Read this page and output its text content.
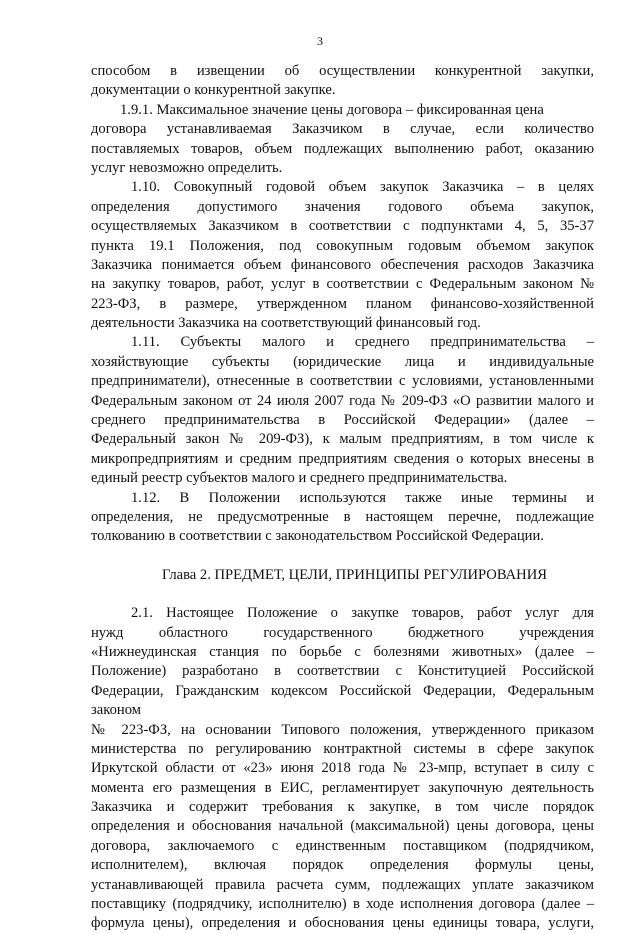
3
способом в извещении об осуществлении конкурентной закупки,
документации о конкурентной закупке.
1.9.1. Максимальное значение цены договора – фиксированная цена
договора устанавливаемая Заказчиком в случае, если количество
поставляемых товаров, объем подлежащих выполнению работ, оказанию
услуг невозможно определить.
1.10. Совокупный годовой объем закупок Заказчика – в целях
определения допустимого значения годового объема закупок,
осуществляемых Заказчиком в соответствии с подпунктами 4, 5, 35-37
пункта 19.1 Положения, под совокупным годовым объемом закупок
Заказчика понимается объем финансового обеспечения расходов Заказчика
на закупку товаров, работ, услуг в соответствии с Федеральным законом №
223-ФЗ, в размере, утвержденном планом финансово-хозяйственной
деятельности Заказчика на соответствующий финансовый год.
1.11. Субъекты малого и среднего предпринимательства –
хозяйствующие субъекты (юридические лица и индивидуальные
предприниматели), отнесенные в соответствии с условиями, установленными
Федеральным законом от 24 июля 2007 года № 209-ФЗ «О развитии малого и
среднего предпринимательства в Российской Федерации» (далее –
Федеральный закон № 209-ФЗ), к малым предприятиям, в том числе к
микропредприятиям и средним предприятиям сведения о которых внесены в
единый реестр субъектов малого и среднего предпринимательства.
1.12. В Положении используются также иные термины и
определения, не предусмотренные в настоящем перечне, подлежащие
толкованию в соответствии с законодательством Российской Федерации.
Глава 2. ПРЕДМЕТ, ЦЕЛИ, ПРИНЦИПЫ РЕГУЛИРОВАНИЯ
2.1. Настоящее Положение о закупке товаров, работ услуг для
нужд областного государственного бюджетного учреждения
«Нижнеудинская станция по борьбе с болезнями животных» (далее –
Положение) разработано в соответствии с Конституцией Российской
Федерации, Гражданским кодексом Российской Федерации, Федеральным
законом
№ 223-ФЗ, на основании Типового положения, утвержденного приказом
министерства по регулированию контрактной системы в сфере закупок
Иркутской области от «23» июня 2018 года № 23-мпр, вступает в силу с
момента его размещения в ЕИС, регламентирует закупочную деятельность
Заказчика и содержит требования к закупке, в том числе порядок
определения и обоснования начальной (максимальной) цены договора, цены
договора, заключаемого с единственным поставщиком (подрядчиком,
исполнителем), включая порядок определения формулы цены,
устанавливающей правила расчета сумм, подлежащих уплате заказчиком
поставщику (подрядчику, исполнителю) в ходе исполнения договора (далее –
формула цены), определения и обоснования цены единицы товара, услуги,
